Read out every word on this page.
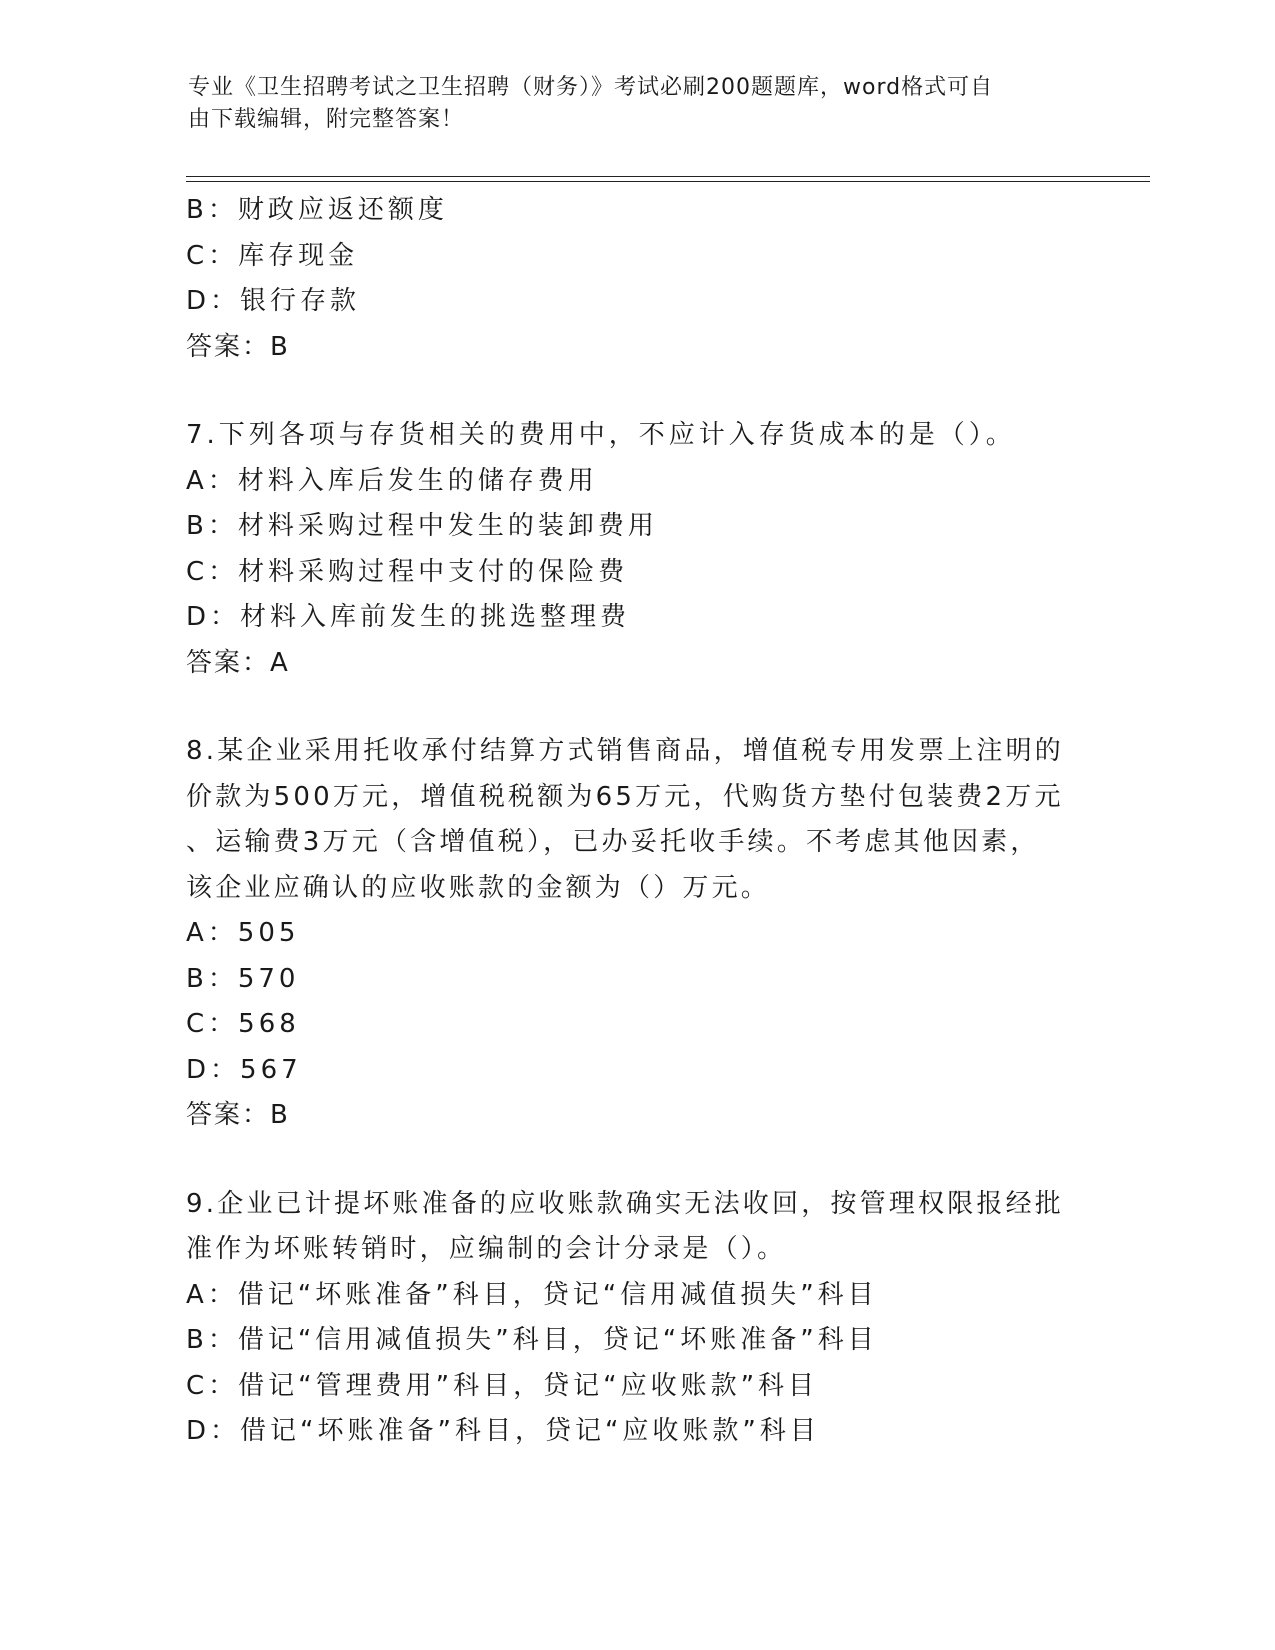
专业《卫生招聘考试之卫生招聘（财务）》考试必刷200题题库，word格式可自
由下载编辑，附完整答案！
B：财政应返还额度
C：库存现金
D：银行存款
答案：B
7.下列各项与存货相关的费用中，不应计入存货成本的是（）。
A：材料入库后发生的储存费用
B：材料采购过程中发生的装卸费用
C：材料采购过程中支付的保险费
D：材料入库前发生的挑选整理费
答案：A
8.某企业采用托收承付结算方式销售商品，增值税专用发票上注明的
价款为500万元，增值税税额为65万元，代购货方垫付包装费2万元
、运输费3万元（含增值税），已办妥托收手续。不考虑其他因素，
该企业应确认的应收账款的金额为（）万元。
A：505
B：570
C：568
D：567
答案：B
9.企业已计提坏账准备的应收账款确实无法收回，按管理权限报经批
准作为坏账转销时，应编制的会计分录是（）。
A：借记“坏账准备”科目，贷记“信用减值损失”科目
B：借记“信用减值损失”科目，贷记“坏账准备”科目
C：借记“管理费用”科目，贷记“应收账款”科目
D：借记“坏账准备”科目，贷记“应收账款”科目
